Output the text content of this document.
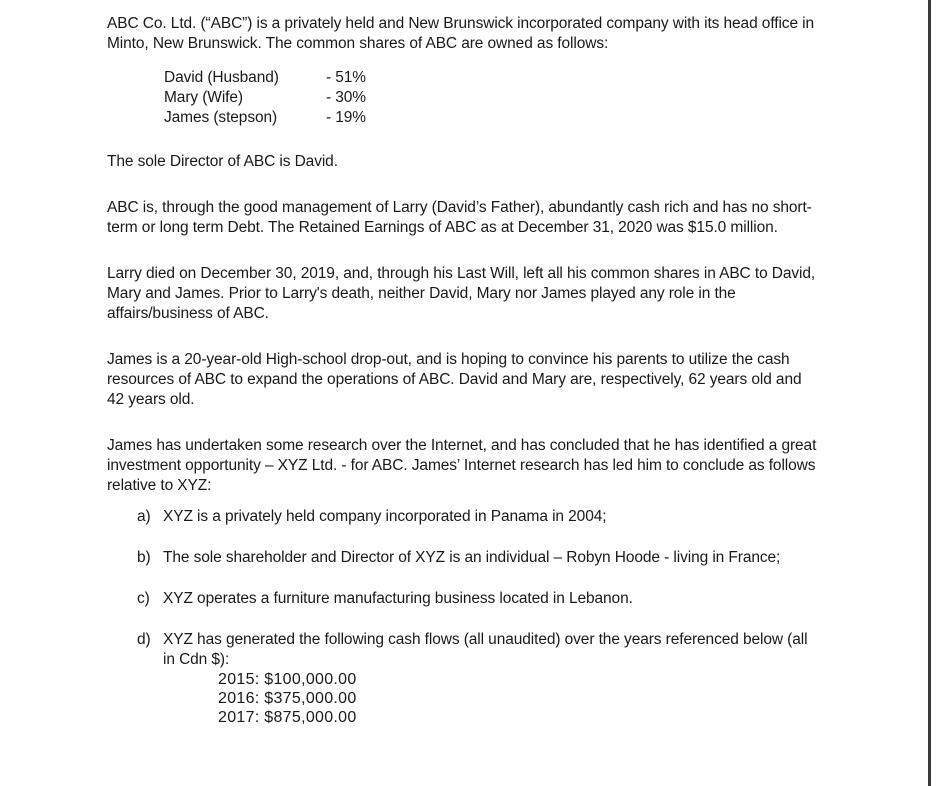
ABC Co. Ltd. (“ABC”) is a privately held and New Brunswick incorporated company with its head office in Minto, New Brunswick. The common shares of ABC are owned as follows:

David (Husband)	- 51%
Mary (Wife)	- 30%
James (stepson)	- 19%

The sole Director of ABC is David.

ABC is, through the good management of Larry (David’s Father), abundantly cash rich and has no short-term or long term Debt. The Retained Earnings of ABC as at December 31, 2020 was $15.0 million.

Larry died on December 30, 2019, and, through his Last Will, left all his common shares in ABC to David, Mary and James. Prior to Larry's death, neither David, Mary nor James played any role in the affairs/business of ABC.

James is a 20-year-old High-school drop-out, and is hoping to convince his parents to utilize the cash resources of ABC to expand the operations of ABC. David and Mary are, respectively, 62 years old and 42 years old.

James has undertaken some research over the Internet, and has concluded that he has identified a great investment opportunity – XYZ Ltd. - for ABC. James’ Internet research has led him to conclude as follows relative to XYZ:

a) XYZ is a privately held company incorporated in Panama in 2004;
b) The sole shareholder and Director of XYZ is an individual – Robyn Hoode - living in France;
c) XYZ operates a furniture manufacturing business located in Lebanon.
d) XYZ has generated the following cash flows (all unaudited) over the years referenced below (all in Cdn $):
2015: $100,000.00
2016: $375,000.00
2017: $875,000.00
